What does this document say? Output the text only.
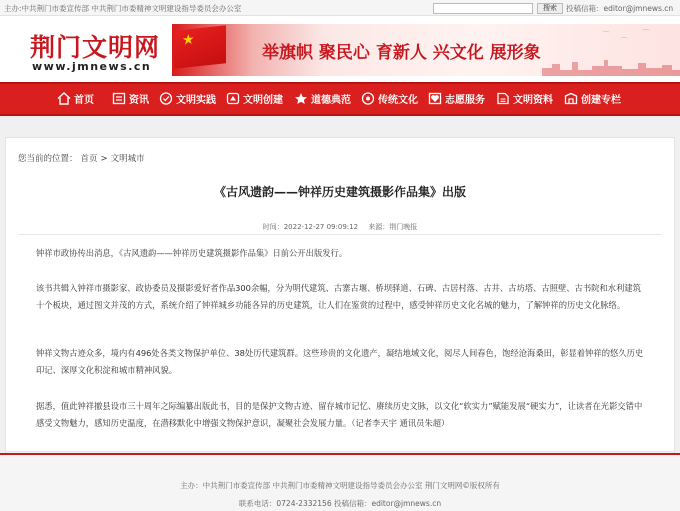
主办:中共荆门市委宣传部 中共荆门市委精神文明建设指导委员会办公室	搜索	投稿信箱：editor@jmnews.cn
荆门文明网
www.jmnews.cn
★
举旗帜 聚民心 育新人 兴文化 展形象
⌒
⌒
⌒
首页	资讯	文明实践	文明创建	道德典范	传统文化	志愿服务	文明资料	创建专栏
您当前的位置： 首页 > 文明城市
《古风遗韵——钟祥历史建筑摄影作品集》出版
时间：2022-12-27 09:09:12 来源：荆门晚报

钟祥市政协传出消息，《古风遗韵——钟祥历史建筑摄影作品集》日前公开出版发行。

该书共辑入钟祥市摄影家、政协委员及摄影爱好者作品300余幅，分为明代建筑、古寨古堰、桥坝驿道、石碑、古居村落、古井、古坊塔、古照壁、古书院和水利建筑十个板块，通过图文并茂的方式，系统介绍了钟祥城乡功能各异的历史建筑，让人们在鉴赏的过程中，感受钟祥历史文化名城的魅力，了解钟祥的历史文化脉络。

钟祥文物古迹众多，境内有496处各类文物保护单位、38处历代建筑群。这些珍贵的文化遗产，凝结地域文化，阅尽人间春色，饱经沧海桑田，彰显着钟祥的悠久历史印记、深厚文化积淀和城市精神风貌。

据悉，值此钟祥撤县设市三十周年之际编纂出版此书，目的是保护文物古迹、留存城市记忆、赓续历史文脉，以文化“软实力”赋能发展“硬实力”，让读者在光影交错中感受文物魅力，感知历史温度，在潜移默化中增强文物保护意识，凝聚社会发展力量。（记者李天宇 通讯员朱超）

主办：中共荆门市委宣传部 中共荆门市委精神文明建设指导委员会办公室 荆门文明网©版权所有
联系电话：0724-2332156 投稿信箱：editor@jmnews.cn
